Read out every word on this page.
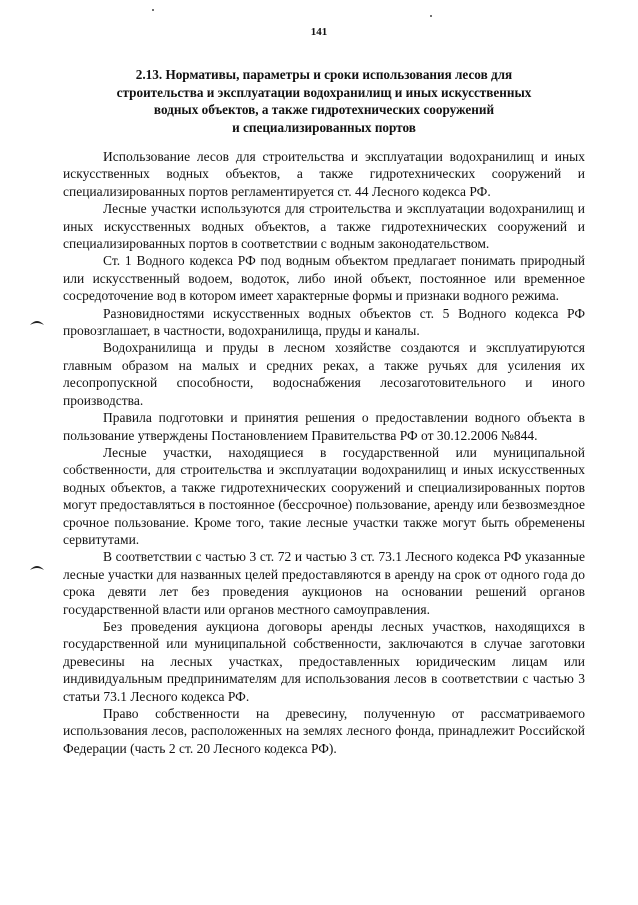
141
2.13. Нормативы, параметры и сроки использования лесов для
строительства и эксплуатации водохранилищ и иных искусственных
водных объектов, а также гидротехнических сооружений
и специализированных портов

Использование лесов для строительства и эксплуатации водохранилищ и иных искусственных водных объектов, а также гидротехнических сооружений и специализированных портов регламентируется ст. 44 Лесного кодекса РФ.

Лесные участки используются для строительства и эксплуатации водохранилищ и иных искусственных водных объектов, а также гидротехнических сооружений и специализированных портов в соответствии с водным законодательством.

Ст. 1 Водного кодекса РФ под водным объектом предлагает понимать природный или искусственный водоем, водоток, либо иной объект, постоянное или временное сосредоточение вод в котором имеет характерные формы и признаки водного режима.

Разновидностями искусственных водных объектов ст. 5 Водного кодекса РФ провозглашает, в частности, водохранилища, пруды и каналы.

Водохранилища и пруды в лесном хозяйстве создаются и эксплуатируются главным образом на малых и средних реках, а также ручьях для усиления их лесопропускной способности, водоснабжения лесозаготовительного и иного производства.

Правила подготовки и принятия решения о предоставлении водного объекта в пользование утверждены Постановлением Правительства РФ от 30.12.2006 №844.

Лесные участки, находящиеся в государственной или муниципальной собственности, для строительства и эксплуатации водохранилищ и иных искусственных водных объектов, а также гидротехнических сооружений и специализированных портов могут предоставляться в постоянное (бессрочное) пользование, аренду или безвозмездное срочное пользование. Кроме того, такие лесные участки также могут быть обременены сервитутами.

В соответствии с частью 3 ст. 72 и частью 3 ст. 73.1 Лесного кодекса РФ указанные лесные участки для названных целей предоставляются в аренду на срок от одного года до срока девяти лет без проведения аукционов на основании решений органов государственной власти или органов местного самоуправления.

Без проведения аукциона договоры аренды лесных участков, находящихся в государственной или муниципальной собственности, заключаются в случае заготовки древесины на лесных участках, предоставленных юридическим лицам или индивидуальным предпринимателям для использования лесов в соответствии с частью 3 статьи 73.1 Лесного кодекса РФ.

Право собственности на древесину, полученную от рассматриваемого использования лесов, расположенных на землях лесного фонда, принадлежит Российской Федерации (часть 2 ст. 20 Лесного кодекса РФ).
